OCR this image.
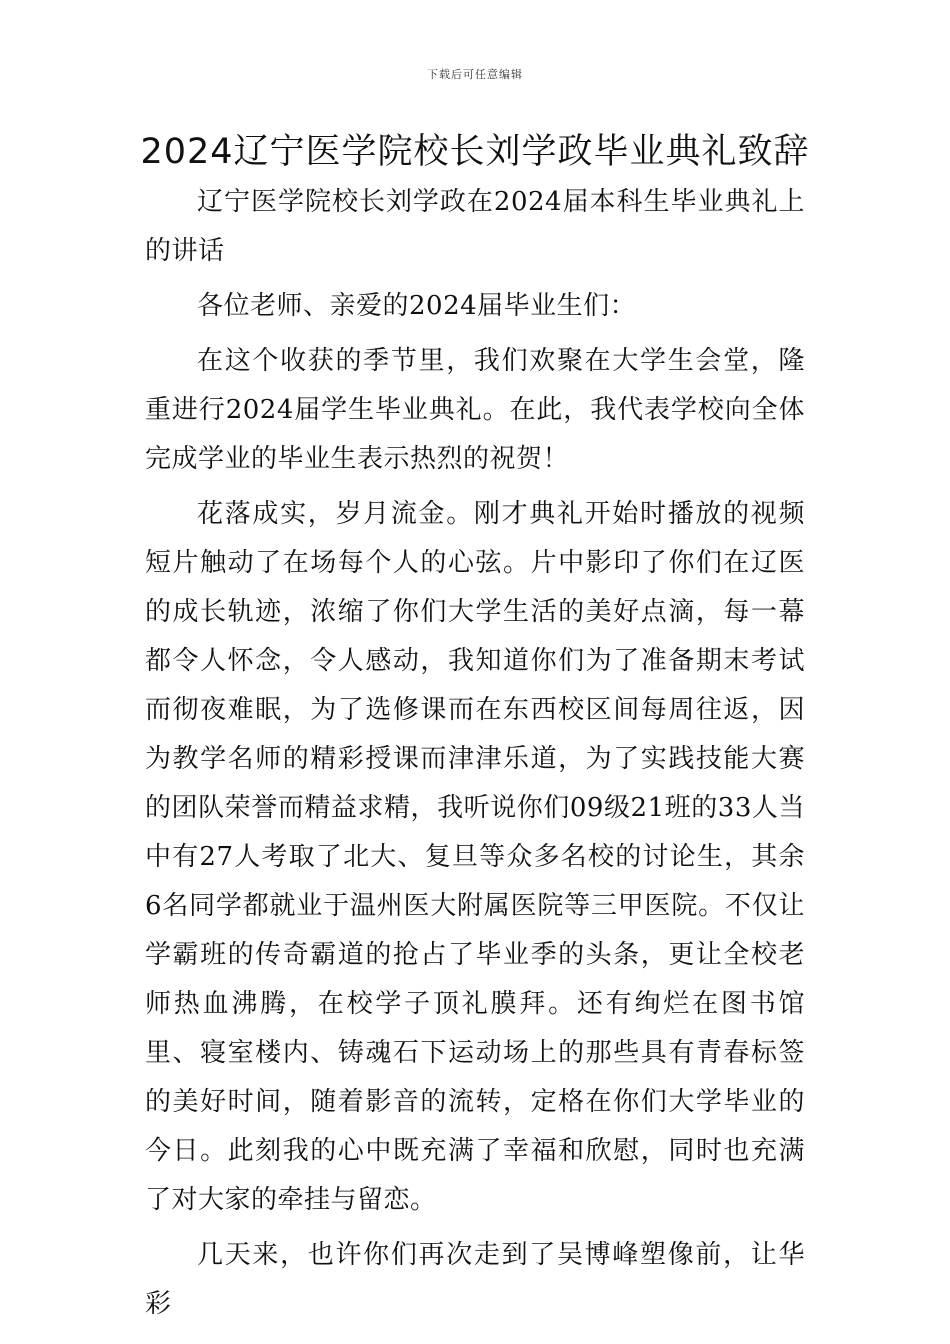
下载后可任意编辑
2024辽宁医学院校长刘学政毕业典礼致辞

辽宁医学院校长刘学政在2024届本科生毕业典礼上的讲话

各位老师、亲爱的2024届毕业生们：

在这个收获的季节里，我们欢聚在大学生会堂，隆重进行2024届学生毕业典礼。在此，我代表学校向全体完成学业的毕业生表示热烈的祝贺！

花落成实，岁月流金。刚才典礼开始时播放的视频短片触动了在场每个人的心弦。片中影印了你们在辽医的成长轨迹，浓缩了你们大学生活的美好点滴，每一幕都令人怀念，令人感动，我知道你们为了准备期末考试而彻夜难眠，为了选修课而在东西校区间每周往返，因为教学名师的精彩授课而津津乐道，为了实践技能大赛的团队荣誉而精益求精，我听说你们09级21班的33人当中有27人考取了北大、复旦等众多名校的讨论生，其余6名同学都就业于温州医大附属医院等三甲医院。不仅让学霸班的传奇霸道的抢占了毕业季的头条，更让全校老师热血沸腾，在校学子顶礼膜拜。还有绚烂在图书馆里、寝室楼内、铸魂石下运动场上的那些具有青春标签的美好时间，随着影音的流转，定格在你们大学毕业的今日。此刻我的心中既充满了幸福和欣慰，同时也充满了对大家的牵挂与留恋。

几天来，也许你们再次走到了吴博峰塑像前，让华彩
